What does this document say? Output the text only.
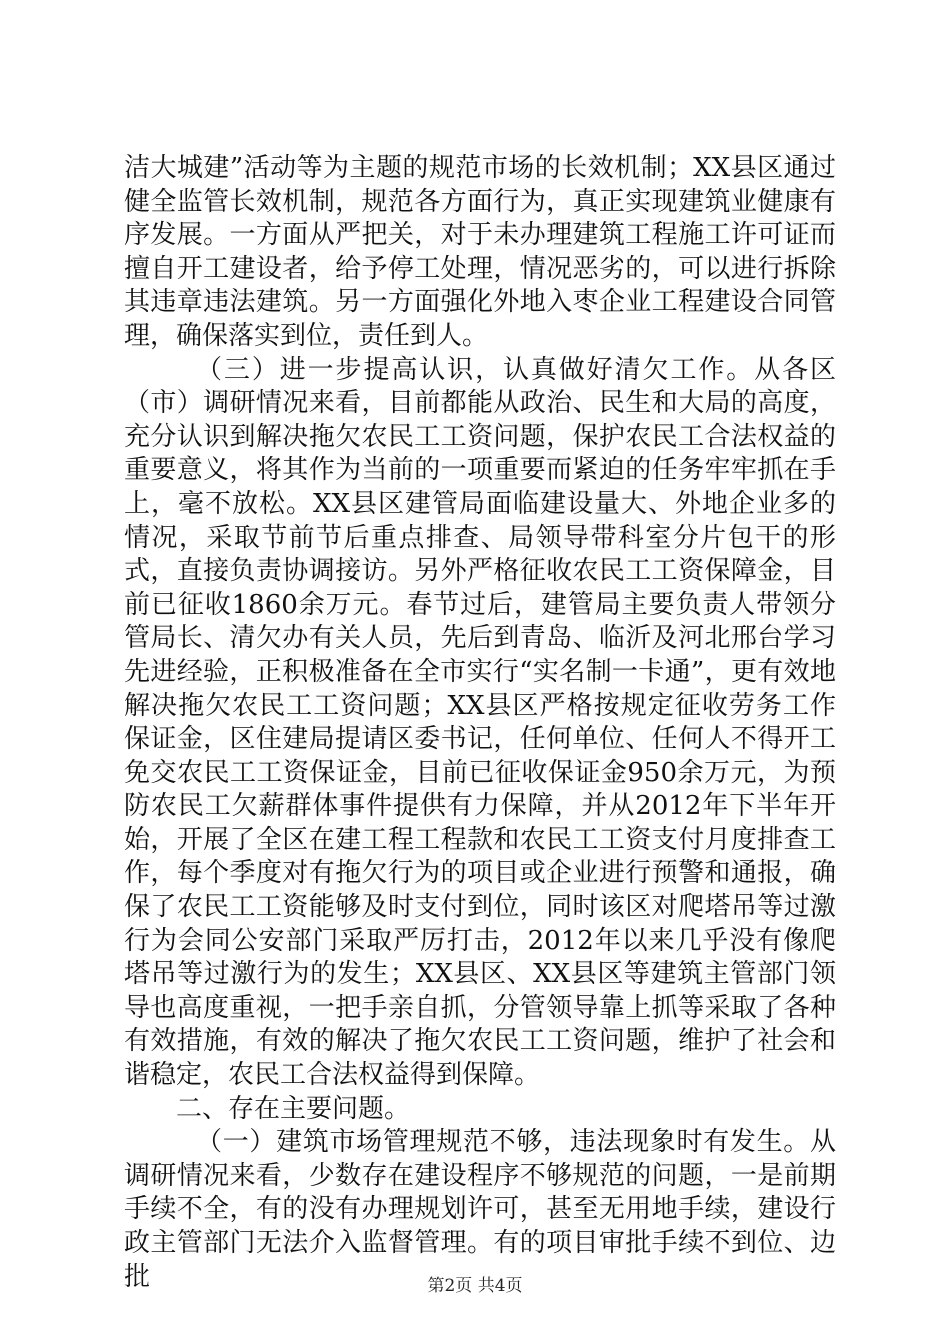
洁大城建”活动等为主题的规范市场的长效机制；XX县区通过健全监管长效机制，规范各方面行为，真正实现建筑业健康有序发展。一方面从严把关，对于未办理建筑工程施工许可证而擅自开工建设者，给予停工处理，情况恶劣的，可以进行拆除其违章违法建筑。另一方面强化外地入枣企业工程建设合同管理，确保落实到位，责任到人。

（三）进一步提高认识，认真做好清欠工作。从各区（市）调研情况来看，目前都能从政治、民生和大局的高度，充分认识到解决拖欠农民工工资问题，保护农民工合法权益的重要意义，将其作为当前的一项重要而紧迫的任务牢牢抓在手上，毫不放松。XX县区建管局面临建设量大、外地企业多的情况，采取节前节后重点排查、局领导带科室分片包干的形式，直接负责协调接访。另外严格征收农民工工资保障金，目前已征收1860余万元。春节过后，建管局主要负责人带领分管局长、清欠办有关人员，先后到青岛、临沂及河北邢台学习先进经验，正积极准备在全市实行“实名制一卡通”，更有效地解决拖欠农民工工资问题；XX县区严格按规定征收劳务工作保证金，区住建局提请区委书记，任何单位、任何人不得开工免交农民工工资保证金，目前已征收保证金950余万元，为预防农民工欠薪群体事件提供有力保障，并从2012年下半年开始，开展了全区在建工程工程款和农民工工资支付月度排查工作，每个季度对有拖欠行为的项目或企业进行预警和通报，确保了农民工工资能够及时支付到位，同时该区对爬塔吊等过激行为会同公安部门采取严厉打击，2012年以来几乎没有像爬塔吊等过激行为的发生；XX县区、XX县区等建筑主管部门领导也高度重视，一把手亲自抓，分管领导靠上抓等采取了各种有效措施，有效的解决了拖欠农民工工资问题，维护了社会和谐稳定，农民工合法权益得到保障。

二、存在主要问题。

（一）建筑市场管理规范不够，违法现象时有发生。从调研情况来看，少数存在建设程序不够规范的问题，一是前期手续不全，有的没有办理规划许可，甚至无用地手续，建设行政主管部门无法介入监督管理。有的项目审批手续不到位、边批	第2页 共4页
